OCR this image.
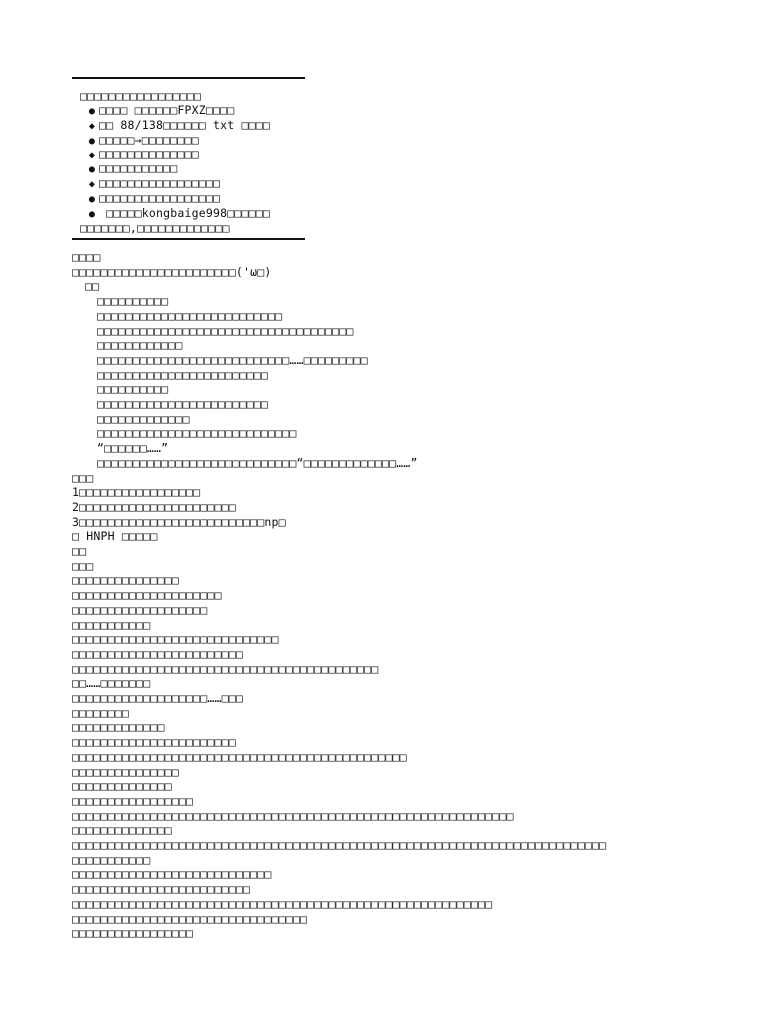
□□□□□□□□□□□□□□□□□
● □□□□ □□□□□□FPXZ□□□□
◆ □□ 88/138□□□□□□ txt □□□□
● □□□□□→□□□□□□□□
◆ □□□□□□□□□□□□□□
● □□□□□□□□□□□
◆ □□□□□□□□□□□□□□□□□
● □□□□□□□□□□□□□□□□□
● □□□□□kongbaige998□□□□□□
□□□□□□□,□□□□□□□□□□□□□
□□□□
□□□□□□□□□□□□□□□□□□□□□□□('ω□)
□□
□□□□□□□□□□
□□□□□□□□□□□□□□□□□□□□□□□□□□
□□□□□□□□□□□□□□□□□□□□□□□□□□□□□□□□□□□□
□□□□□□□□□□□□
□□□□□□□□□□□□□□□□□□□□□□□□□□□……□□□□□□□□□
□□□□□□□□□□□□□□□□□□□□□□□□
□□□□□□□□□□
□□□□□□□□□□□□□□□□□□□□□□□□
□□□□□□□□□□□□□
□□□□□□□□□□□□□□□□□□□□□□□□□□□□
“□□□□□□……”
□□□□□□□□□□□□□□□□□□□□□□□□□□□□“□□□□□□□□□□□□□……”
□□□
1□□□□□□□□□□□□□□□□□
2□□□□□□□□□□□□□□□□□□□□□□
3□□□□□□□□□□□□□□□□□□□□□□□□□□np□
□ HNPH □□□□□
□□
□□□
□□□□□□□□□□□□□□□
□□□□□□□□□□□□□□□□□□□□□
□□□□□□□□□□□□□□□□□□□
□□□□□□□□□□□
□□□□□□□□□□□□□□□□□□□□□□□□□□□□□
□□□□□□□□□□□□□□□□□□□□□□□□
□□□□□□□□□□□□□□□□□□□□□□□□□□□□□□□□□□□□□□□□□□□
□□……□□□□□□□
□□□□□□□□□□□□□□□□□□□……□□□
□□□□□□□□
□□□□□□□□□□□□□
□□□□□□□□□□□□□□□□□□□□□□□
□□□□□□□□□□□□□□□□□□□□□□□□□□□□□□□□□□□□□□□□□□□□□□□
□□□□□□□□□□□□□□□
□□□□□□□□□□□□□□
□□□□□□□□□□□□□□□□□
□□□□□□□□□□□□□□□□□□□□□□□□□□□□□□□□□□□□□□□□□□□□□□□□□□□□□□□□□□□□□□
□□□□□□□□□□□□□□
□□□□□□□□□□□□□□□□□□□□□□□□□□□□□□□□□□□□□□□□□□□□□□□□□□□□□□□□□□□□□□□□□□□□□□□□□□□
□□□□□□□□□□□
□□□□□□□□□□□□□□□□□□□□□□□□□□□□
□□□□□□□□□□□□□□□□□□□□□□□□□
□□□□□□□□□□□□□□□□□□□□□□□□□□□□□□□□□□□□□□□□□□□□□□□□□□□□□□□□□□□
□□□□□□□□□□□□□□□□□□□□□□□□□□□□□□□□□
□□□□□□□□□□□□□□□□□
